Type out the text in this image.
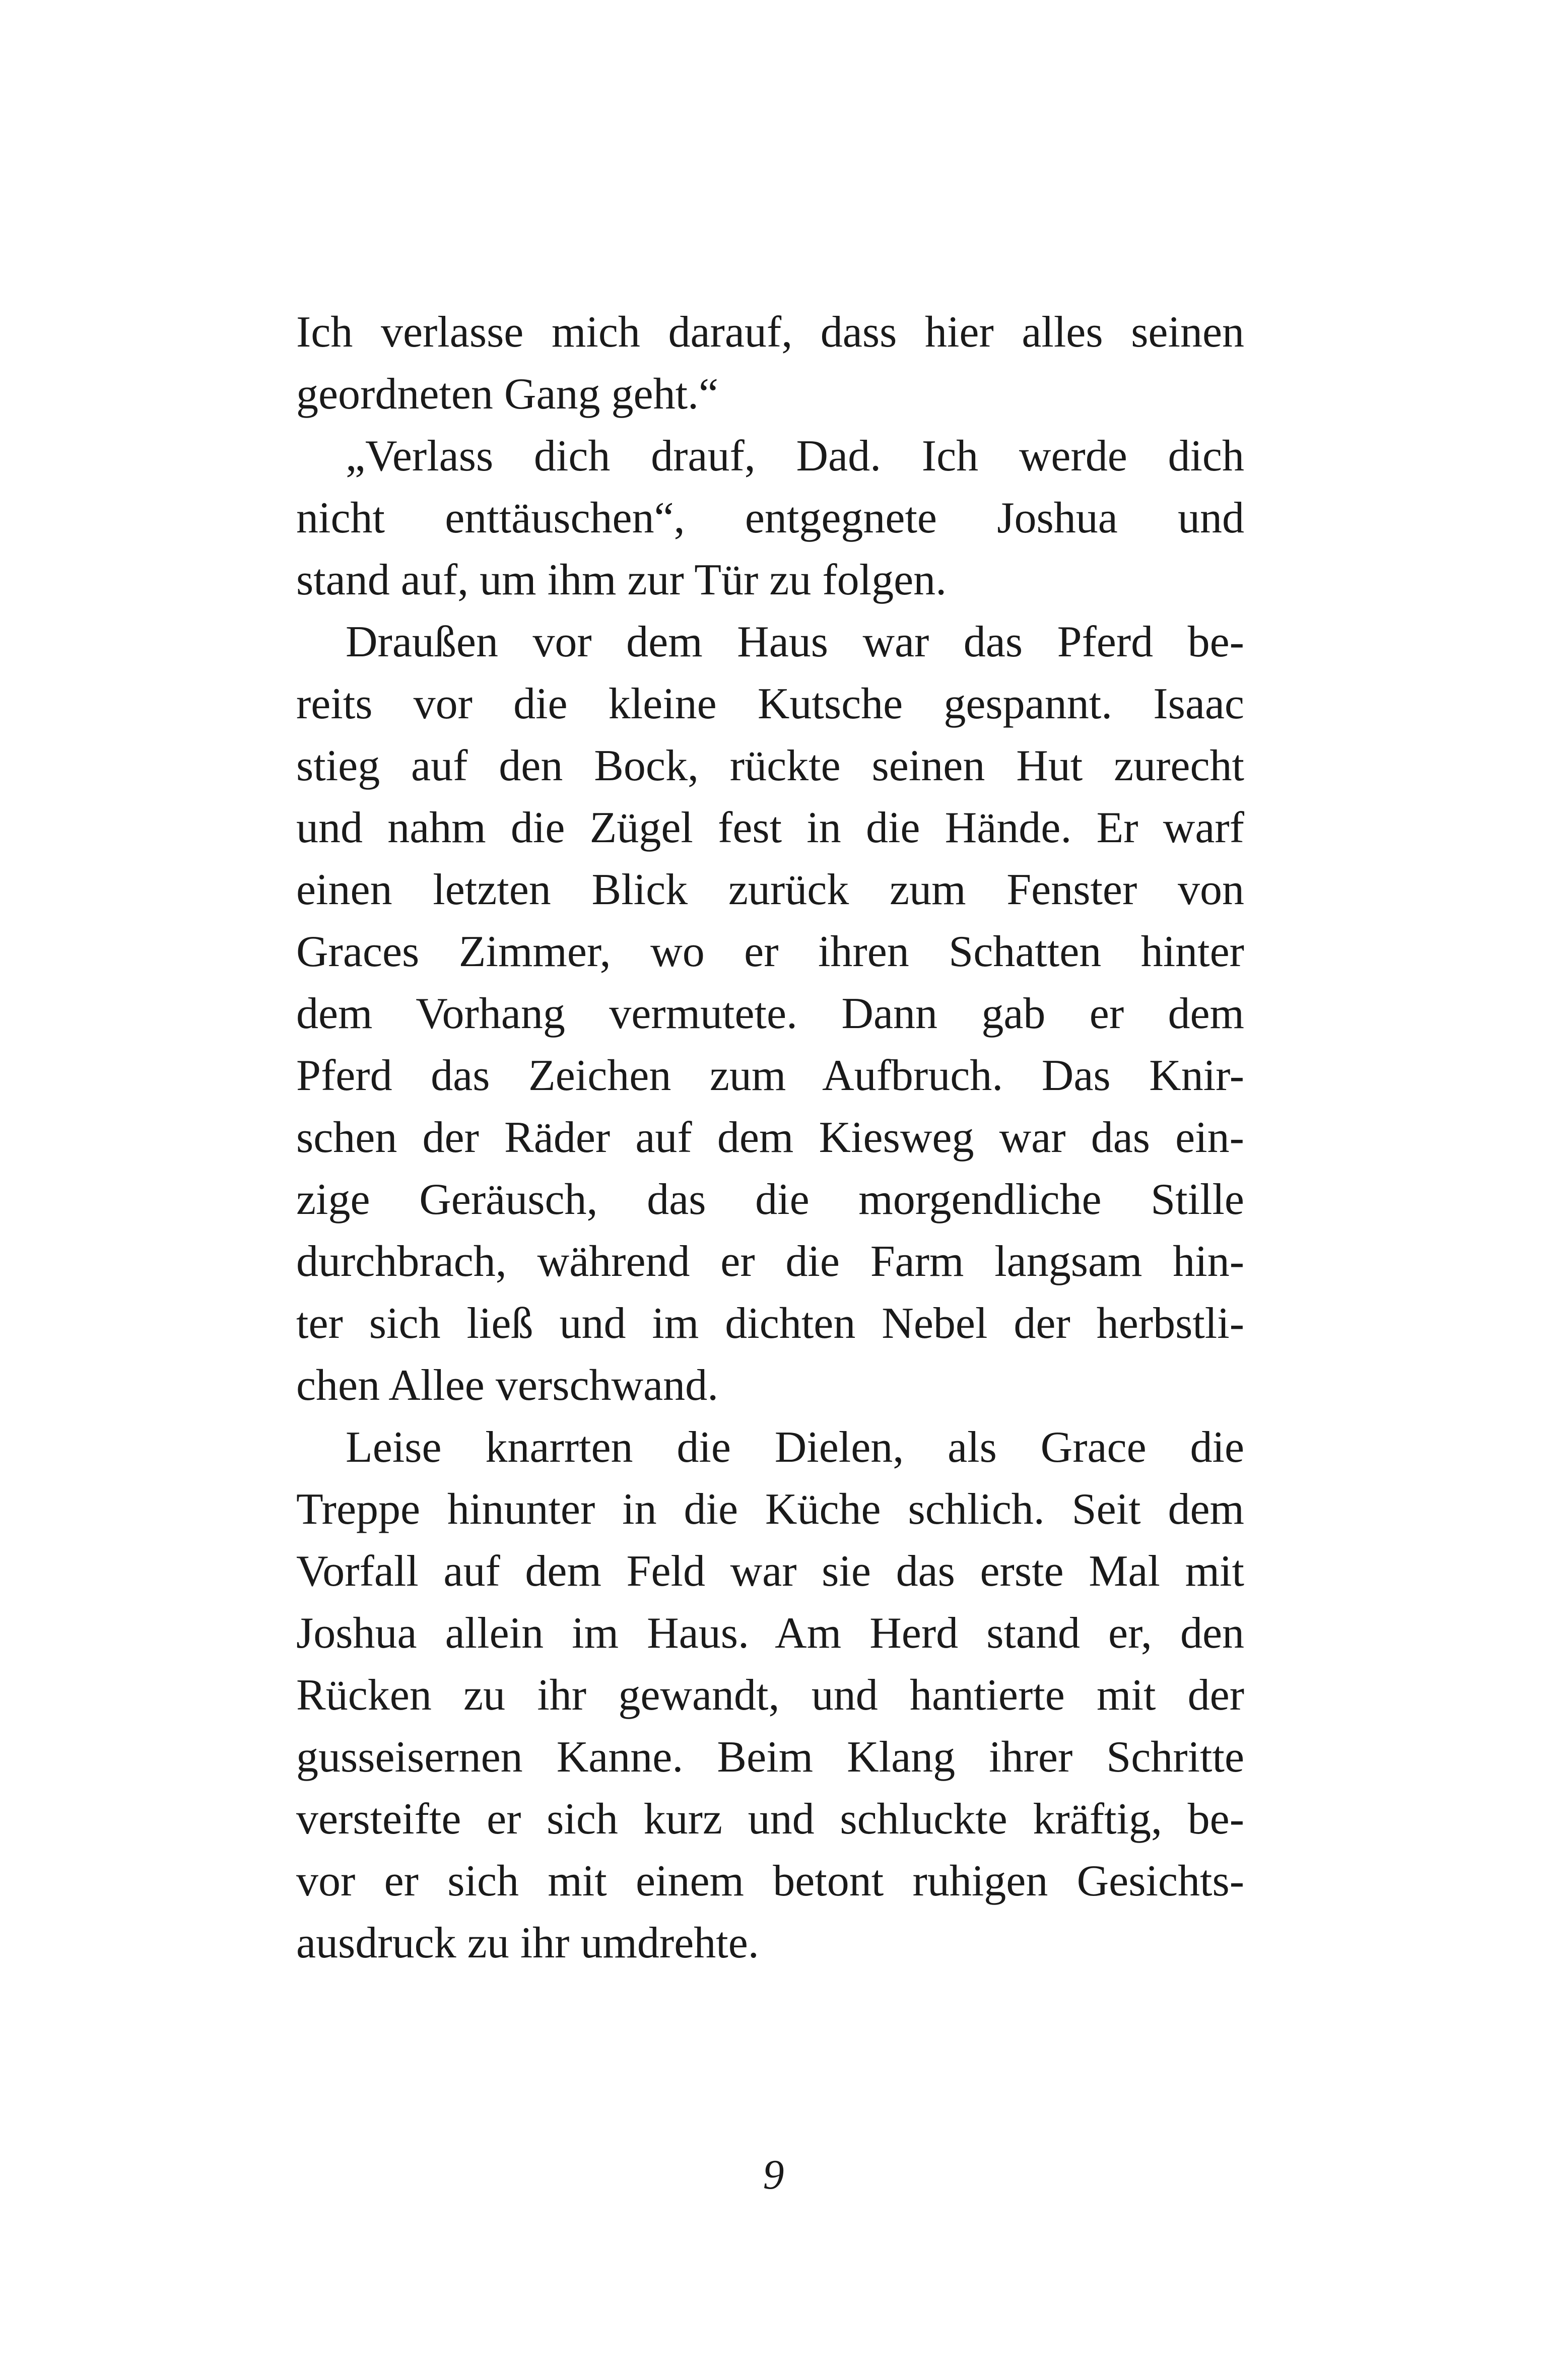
Ich verlasse mich darauf, dass hier alles seinen
geordneten Gang geht.“
„Verlass dich drauf, Dad. Ich werde dich
nicht enttäuschen“, entgegnete Joshua und
stand auf, um ihm zur Tür zu folgen.
Draußen vor dem Haus war das Pferd be-
reits vor die kleine Kutsche gespannt. Isaac
stieg auf den Bock, rückte seinen Hut zurecht
und nahm die Zügel fest in die Hände. Er warf
einen letzten Blick zurück zum Fenster von
Graces Zimmer, wo er ihren Schatten hinter
dem Vorhang vermutete. Dann gab er dem
Pferd das Zeichen zum Aufbruch. Das Knir-
schen der Räder auf dem Kiesweg war das ein-
zige Geräusch, das die morgendliche Stille
durchbrach, während er die Farm langsam hin-
ter sich ließ und im dichten Nebel der herbstli-
chen Allee verschwand.
Leise knarrten die Dielen, als Grace die
Treppe hinunter in die Küche schlich. Seit dem
Vorfall auf dem Feld war sie das erste Mal mit
Joshua allein im Haus. Am Herd stand er, den
Rücken zu ihr gewandt, und hantierte mit der
gusseisernen Kanne. Beim Klang ihrer Schritte
versteifte er sich kurz und schluckte kräftig, be-
vor er sich mit einem betont ruhigen Gesichts-
ausdruck zu ihr umdrehte.
9
